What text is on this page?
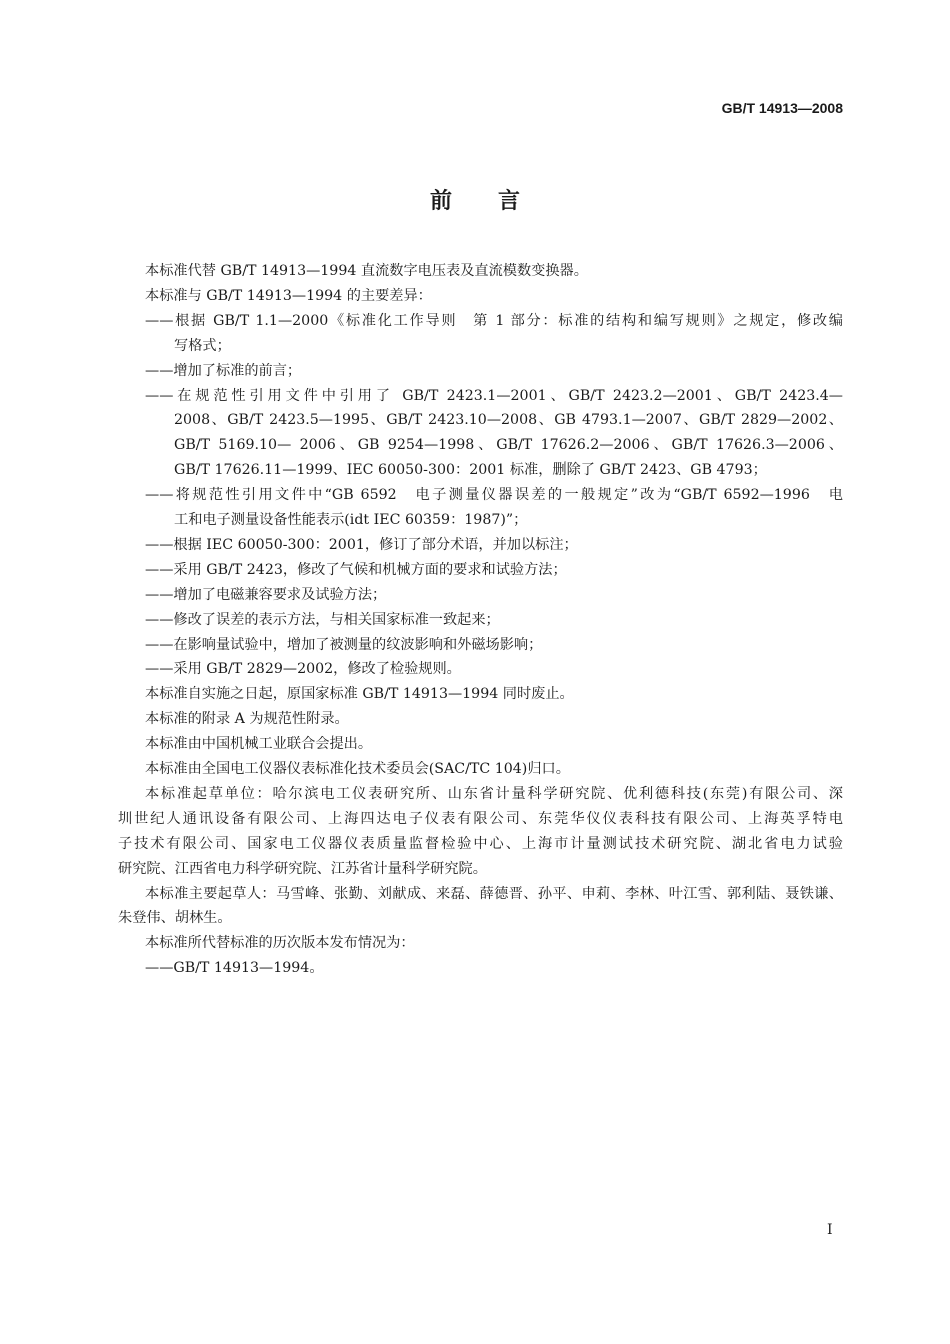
GB/T 14913—2008
前言
本标准代替 GB/T 14913—1994 直流数字电压表及直流模数变换器。
本标准与 GB/T 14913—1994 的主要差异：
——根据 GB/T 1.1—2000《标准化工作导则　第 1 部分：标准的结构和编写规则》之规定，修改编
写格式；
——增加了标准的前言；
——在规范性引用文件中引用了 GB/T 2423.1—2001、GB/T 2423.2—2001、GB/T 2423.4—
2008、GB/T 2423.5—1995、GB/T 2423.10—2008、GB 4793.1—2007、GB/T 2829—2002、
GB/T 5169.10— 2006、GB 9254—1998、GB/T 17626.2—2006、GB/T 17626.3—2006、
GB/T 17626.11—1999、IEC 60050-300：2001 标准，删除了 GB/T 2423、GB 4793；
——将规范性引用文件中“GB 6592　电子测量仪器误差的一般规定”改为“GB/T 6592—1996　电
工和电子测量设备性能表示(idt IEC 60359：1987)”；
——根据 IEC 60050-300：2001，修订了部分术语，并加以标注；
——采用 GB/T 2423，修改了气候和机械方面的要求和试验方法；
——增加了电磁兼容要求及试验方法；
——修改了误差的表示方法，与相关国家标准一致起来；
——在影响量试验中，增加了被测量的纹波影响和外磁场影响；
——采用 GB/T 2829—2002，修改了检验规则。
本标准自实施之日起，原国家标准 GB/T 14913—1994 同时废止。
本标准的附录 A 为规范性附录。
本标准由中国机械工业联合会提出。
本标准由全国电工仪器仪表标准化技术委员会(SAC/TC 104)归口。
本标准起草单位：哈尔滨电工仪表研究所、山东省计量科学研究院、优利德科技(东莞)有限公司、深
圳世纪人通讯设备有限公司、上海四达电子仪表有限公司、东莞华仪仪表科技有限公司、上海英孚特电
子技术有限公司、国家电工仪器仪表质量监督检验中心、上海市计量测试技术研究院、湖北省电力试验
研究院、江西省电力科学研究院、江苏省计量科学研究院。
本标准主要起草人：马雪峰、张勤、刘献成、来磊、薛德晋、孙平、申莉、李林、叶江雪、郭利陆、聂铁谦、
朱登伟、胡林生。
本标准所代替标准的历次版本发布情况为：
——GB/T 14913—1994。
I
